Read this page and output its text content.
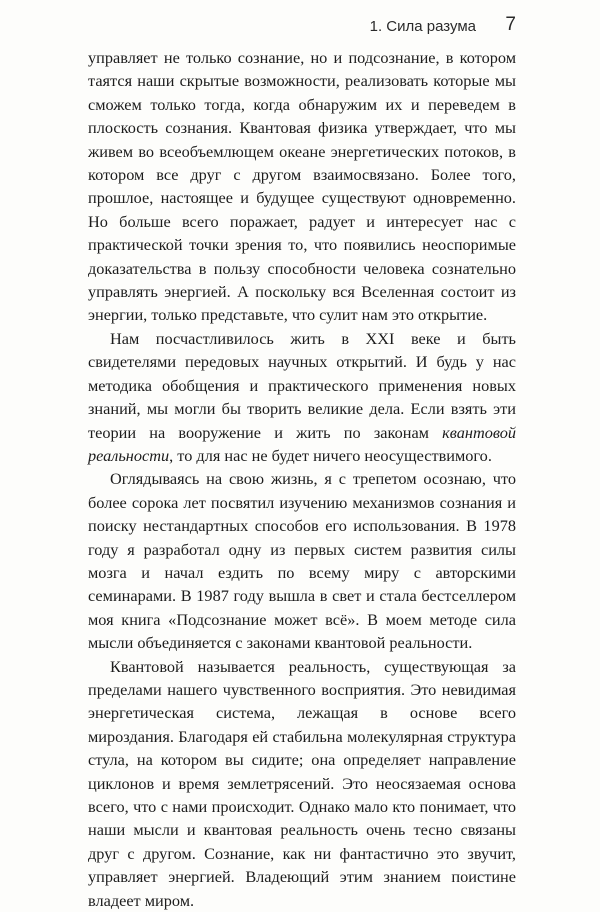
1. Сила разума 7

управляет не только сознание, но и подсознание, в котором таятся наши скрытые возможности, реализовать которые мы сможем только тогда, когда обнаружим их и переведем в плоскость сознания. Квантовая физика утверждает, что мы живем во всеобъемлющем океане энергетических потоков, в котором все друг с другом взаимосвязано. Более того, прошлое, настоящее и будущее существуют одновременно. Но больше всего поражает, радует и интересует нас с практической точки зрения то, что появились неоспоримые доказательства в пользу способности человека сознательно управлять энергией. А поскольку вся Вселенная состоит из энергии, только представьте, что сулит нам это открытие.

Нам посчастливилось жить в XXI веке и быть свидетелями передовых научных открытий. И будь у нас методика обобщения и практического применения новых знаний, мы могли бы творить великие дела. Если взять эти теории на вооружение и жить по законам квантовой реальности, то для нас не будет ничего неосуществимого.

Оглядываясь на свою жизнь, я с трепетом осознаю, что более сорока лет посвятил изучению механизмов сознания и поиску нестандартных способов его использования. В 1978 году я разработал одну из первых систем развития силы мозга и начал ездить по всему миру с авторскими семинарами. В 1987 году вышла в свет и стала бестселлером моя книга «Подсознание может всё». В моем методе сила мысли объединяется с законами квантовой реальности.

Квантовой называется реальность, существующая за пределами нашего чувственного восприятия. Это невидимая энергетическая система, лежащая в основе всего мироздания. Благодаря ей стабильна молекулярная структура стула, на котором вы сидите; она определяет направление циклонов и время землетрясений. Это неосязаемая основа всего, что с нами происходит. Однако мало кто понимает, что наши мысли и квантовая реальность очень тесно связаны друг с другом. Сознание, как ни фантастично это звучит, управляет энергией. Владеющий этим знанием поистине владеет миром.
